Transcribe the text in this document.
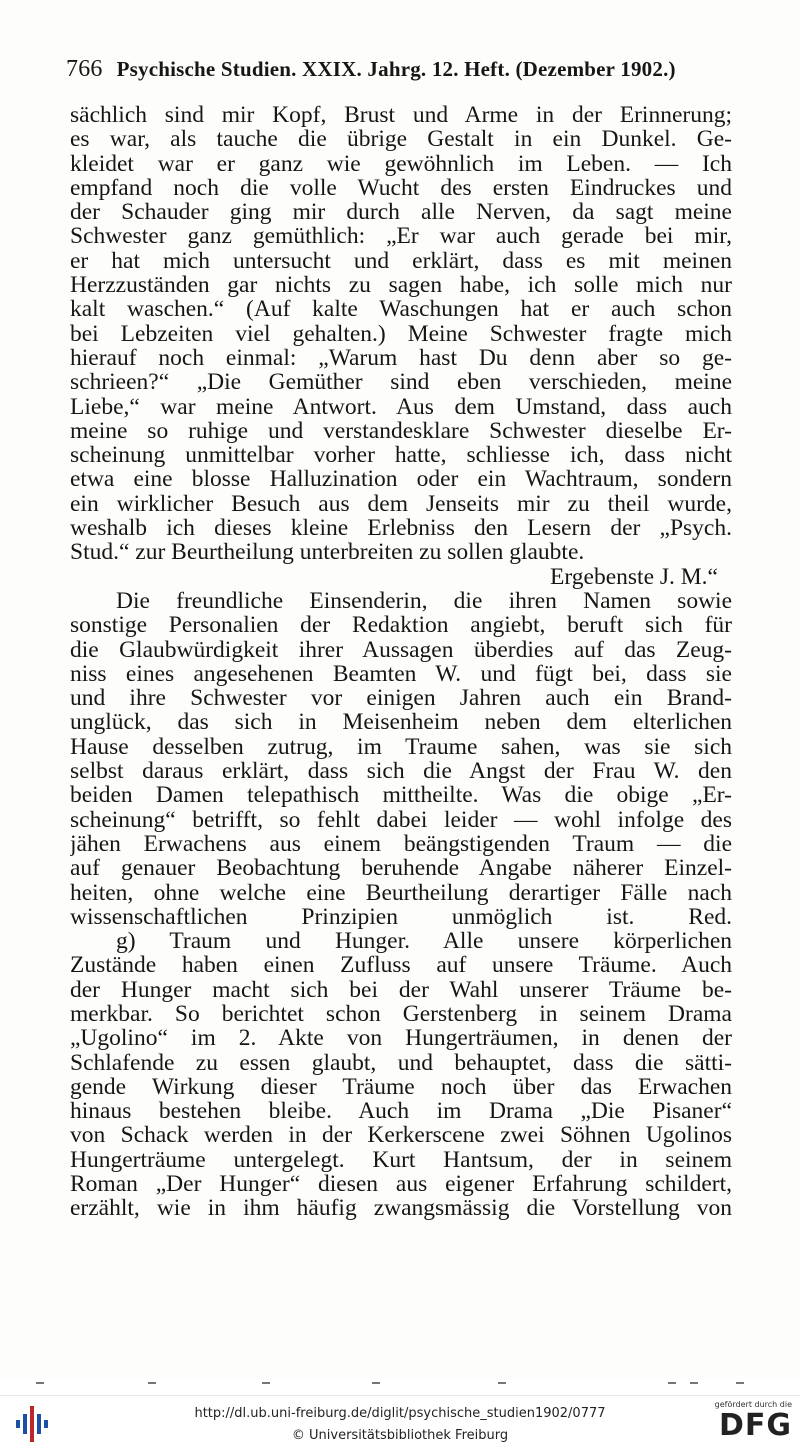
766 Psychische Studien. XXIX. Jahrg. 12. Heft. (Dezember 1902.)
sächlich sind mir Kopf, Brust und Arme in der Erinnerung;
es war, als tauche die übrige Gestalt in ein Dunkel. Ge-
kleidet war er ganz wie gewöhnlich im Leben. — Ich
empfand noch die volle Wucht des ersten Eindruckes und
der Schauder ging mir durch alle Nerven, da sagt meine
Schwester ganz gemüthlich: „Er war auch gerade bei mir,
er hat mich untersucht und erklärt, dass es mit meinen
Herzzuständen gar nichts zu sagen habe, ich solle mich nur
kalt waschen.“ (Auf kalte Waschungen hat er auch schon
bei Lebzeiten viel gehalten.) Meine Schwester fragte mich
hierauf noch einmal: „Warum hast Du denn aber so ge-
schrieen?“ „Die Gemüther sind eben verschieden, meine
Liebe,“ war meine Antwort. Aus dem Umstand, dass auch
meine so ruhige und verstandesklare Schwester dieselbe Er-
scheinung unmittelbar vorher hatte, schliesse ich, dass nicht
etwa eine blosse Halluzination oder ein Wachtraum, sondern
ein wirklicher Besuch aus dem Jenseits mir zu theil wurde,
weshalb ich dieses kleine Erlebniss den Lesern der „Psych.
Stud.“ zur Beurtheilung unterbreiten zu sollen glaubte.
Ergebenste J. M.“
Die freundliche Einsenderin, die ihren Namen sowie
sonstige Personalien der Redaktion angiebt, beruft sich für
die Glaubwürdigkeit ihrer Aussagen überdies auf das Zeug-
niss eines angesehenen Beamten W. und fügt bei, dass sie
und ihre Schwester vor einigen Jahren auch ein Brand-
unglück, das sich in Meisenheim neben dem elterlichen
Hause desselben zutrug, im Traume sahen, was sie sich
selbst daraus erklärt, dass sich die Angst der Frau W. den
beiden Damen telepathisch mittheilte. Was die obige „Er-
scheinung“ betrifft, so fehlt dabei leider — wohl infolge des
jähen Erwachens aus einem beängstigenden Traum — die
auf genauer Beobachtung beruhende Angabe näherer Einzel-
heiten, ohne welche eine Beurtheilung derartiger Fälle nach
wissenschaftlichen Prinzipien unmöglich ist. Red.
g) Traum und Hunger. Alle unsere körperlichen
Zustände haben einen Zufluss auf unsere Träume. Auch
der Hunger macht sich bei der Wahl unserer Träume be-
merkbar. So berichtet schon Gerstenberg in seinem Drama
„Ugolino“ im 2. Akte von Hungerträumen, in denen der
Schlafende zu essen glaubt, und behauptet, dass die sätti-
gende Wirkung dieser Träume noch über das Erwachen
hinaus bestehen bleibe. Auch im Drama „Die Pisaner“
von Schack werden in der Kerkerscene zwei Söhnen Ugolinos
Hungerträume untergelegt. Kurt Hantsum, der in seinem
Roman „Der Hunger“ diesen aus eigener Erfahrung schildert,
erzählt, wie in ihm häufig zwangsmässig die Vorstellung von
http://dl.ub.uni-freiburg.de/diglit/psychische_studien1902/0777
© Universitätsbibliothek Freiburg
gefördert durch die
DFG
